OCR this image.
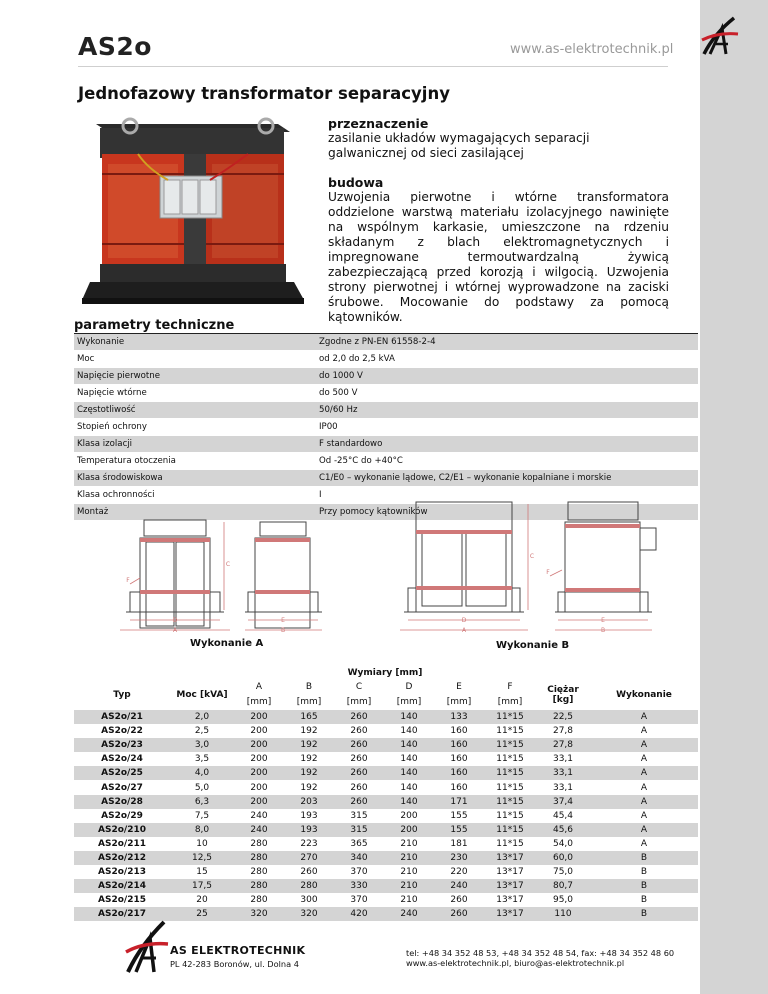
AS2o	www.as-elektrotechnik.pl
Jednofazowy transformator separacyjny
przeznaczenie

zasilanie układów wymagających separacji galwanicznej od sieci zasilającej

budowa

Uzwojenia pierwotne i wtórne transformatora oddzielone warstwą materiału izolacyjnego nawinięte na wspólnym karkasie, umieszczone na rdzeniu składanym z blach elektromagnetycznych i impregnowane termoutwardzalną żywicą zabezpieczającą przed korozją i wilgocią. Uzwojenia strony pierwotnej i wtórnej wyprowadzone na zaciski śrubowe. Mocowanie do podstawy za pomocą

kątowników.

parametry techniczne
Wykonanie	Zgodne z PN-EN 61558-2-4
Moc	od 2,0 do 2,5 kVA
Napięcie pierwotne	do 1000 V
Napięcie wtórne	do 500 V
Częstotliwość	50/60 Hz
Stopień ochrony	IP00
Klasa izolacji	F standardowo
Temperatura otoczenia	Od -25°C do +40°C
Klasa środowiskowa	C1/E0 – wykonanie lądowe, C2/E1 – wykonanie kopalniane i morskie
Klasa ochronności	I
Montaż	Przy pomocy kątowników
C
D
A
E
B
F
C
D
A
E
B
F
Wykonanie A	Wykonanie B
		Wymiary [mm]							
Typ	Moc [kVA]	A	B	C	D	E	F	Ciężar [kg]	Wykonanie
		[mm]	[mm]	[mm]	[mm]	[mm]	[mm]		
AS2o/21	2,0	200	165	260	140	133	11*15	22,5	A
AS2o/22	2,5	200	192	260	140	160	11*15	27,8	A
AS2o/23	3,0	200	192	260	140	160	11*15	27,8	A
AS2o/24	3,5	200	192	260	140	160	11*15	33,1	A
AS2o/25	4,0	200	192	260	140	160	11*15	33,1	A
AS2o/27	5,0	200	192	260	140	160	11*15	33,1	A
AS2o/28	6,3	200	203	260	140	171	11*15	37,4	A
AS2o/29	7,5	240	193	315	200	155	11*15	45,4	A
AS2o/210	8,0	240	193	315	200	155	11*15	45,6	A
AS2o/211	10	280	223	365	210	181	11*15	54,0	A
AS2o/212	12,5	280	270	340	210	230	13*17	60,0	B
AS2o/213	15	280	260	370	210	220	13*17	75,0	B
AS2o/214	17,5	280	280	330	210	240	13*17	80,7	B
AS2o/215	20	280	300	370	210	260	13*17	95,0	B
AS2o/217	25	320	320	420	240	260	13*17	110	B
AS ELEKTROTECHNIK
PL 42-283 Boronów, ul. Dolna 4
tel: +48 34 352 48 53, +48 34 352 48 54, fax: +48 34 352 48 60
www.as-elektrotechnik.pl, biuro@as-elektrotechnik.pl
